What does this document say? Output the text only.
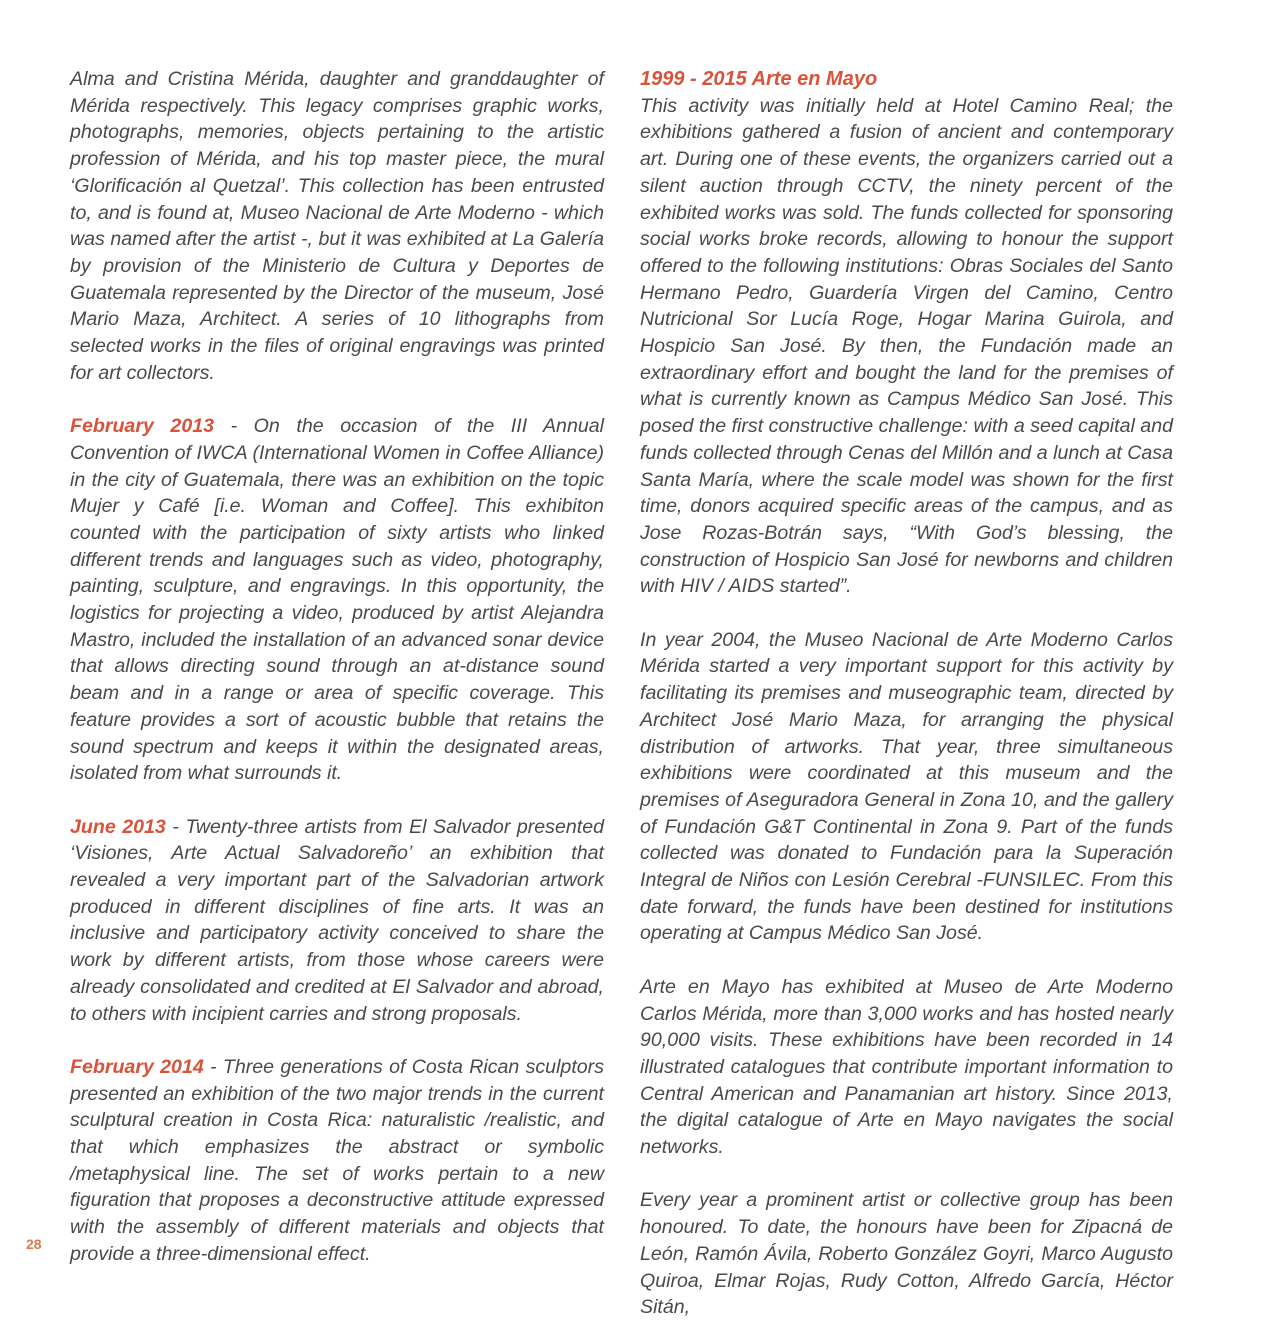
Alma and Cristina Mérida, daughter and granddaughter of Mérida respectively. This legacy comprises graphic works, photographs, memories, objects pertaining to the artistic profession of Mérida, and his top master piece, the mural ‘Glorificación al Quetzal’. This collection has been entrusted to, and is found at, Museo Nacional de Arte Moderno - which was named after the artist -, but it was exhibited at La Galería by provision of the Ministerio de Cultura y Deportes de Guatemala represented by the Director of the museum, José Mario Maza, Architect. A series of 10 lithographs from selected works in the files of original engravings was printed for art collectors.

February 2013 - On the occasion of the III Annual Convention of IWCA (International Women in Coffee Alliance) in the city of Guatemala, there was an exhibition on the topic Mujer y Café [i.e. Woman and Coffee]. This exhibiton counted with the participation of sixty artists who linked different trends and languages such as video, photography, painting, sculpture, and engravings. In this opportunity, the logistics for projecting a video, produced by artist Alejandra Mastro, included the installation of an advanced sonar device that allows directing sound through an at-distance sound beam and in a range or area of specific coverage. This feature provides a sort of acoustic bubble that retains the sound spectrum and keeps it within the designated areas, isolated from what surrounds it.

June 2013 - Twenty-three artists from El Salvador presented ‘Visiones, Arte Actual Salvadoreño’ an exhibition that revealed a very important part of the Salvadorian artwork produced in different disciplines of fine arts. It was an inclusive and participatory activity conceived to share the work by different artists, from those whose careers were already consolidated and credited at El Salvador and abroad, to others with incipient carries and strong proposals.

February 2014 - Three generations of Costa Rican sculptors presented an exhibition of the two major trends in the current sculptural creation in Costa Rica: naturalistic /realistic, and that which emphasizes the abstract or symbolic /metaphysical line. The set of works pertain to a new figuration that proposes a deconstructive attitude expressed with the assembly of different materials and objects that provide a three-dimensional effect.

1999 - 2015 Arte en Mayo
This activity was initially held at Hotel Camino Real; the exhibitions gathered a fusion of ancient and contemporary art. During one of these events, the organizers carried out a silent auction through CCTV, the ninety percent of the exhibited works was sold. The funds collected for sponsoring social works broke records, allowing to honour the support offered to the following institutions: Obras Sociales del Santo Hermano Pedro, Guardería Virgen del Camino, Centro Nutricional Sor Lucía Roge, Hogar Marina Guirola, and Hospicio San José. By then, the Fundación made an extraordinary effort and bought the land for the premises of what is currently known as Campus Médico San José. This posed the first constructive challenge: with a seed capital and funds collected through Cenas del Millón and a lunch at Casa Santa María, where the scale model was shown for the first time, donors acquired specific areas of the campus, and as Jose Rozas-Botrán says, “With God’s blessing, the construction of Hospicio San José for newborns and children with HIV / AIDS started”.

In year 2004, the Museo Nacional de Arte Moderno Carlos Mérida started a very important support for this activity by facilitating its premises and museographic team, directed by Architect José Mario Maza, for arranging the physical distribution of artworks. That year, three simultaneous exhibitions were coordinated at this museum and the premises of Aseguradora General in Zona 10, and the gallery of Fundación G&T Continental in Zona 9. Part of the funds collected was donated to Fundación para la Superación Integral de Niños con Lesión Cerebral -FUNSILEC. From this date forward, the funds have been destined for institutions operating at Campus Médico San José.

Arte en Mayo has exhibited at Museo de Arte Moderno Carlos Mérida, more than 3,000 works and has hosted nearly 90,000 visits. These exhibitions have been recorded in 14 illustrated catalogues that contribute important information to Central American and Panamanian art history. Since 2013, the digital catalogue of Arte en Mayo navigates the social networks.

Every year a prominent artist or collective group has been honoured. To date, the honours have been for Zipacná de León, Ramón Ávila, Roberto González Goyri, Marco Augusto Quiroa, Elmar Rojas, Rudy Cotton, Alfredo García, Héctor Sitán,

28
